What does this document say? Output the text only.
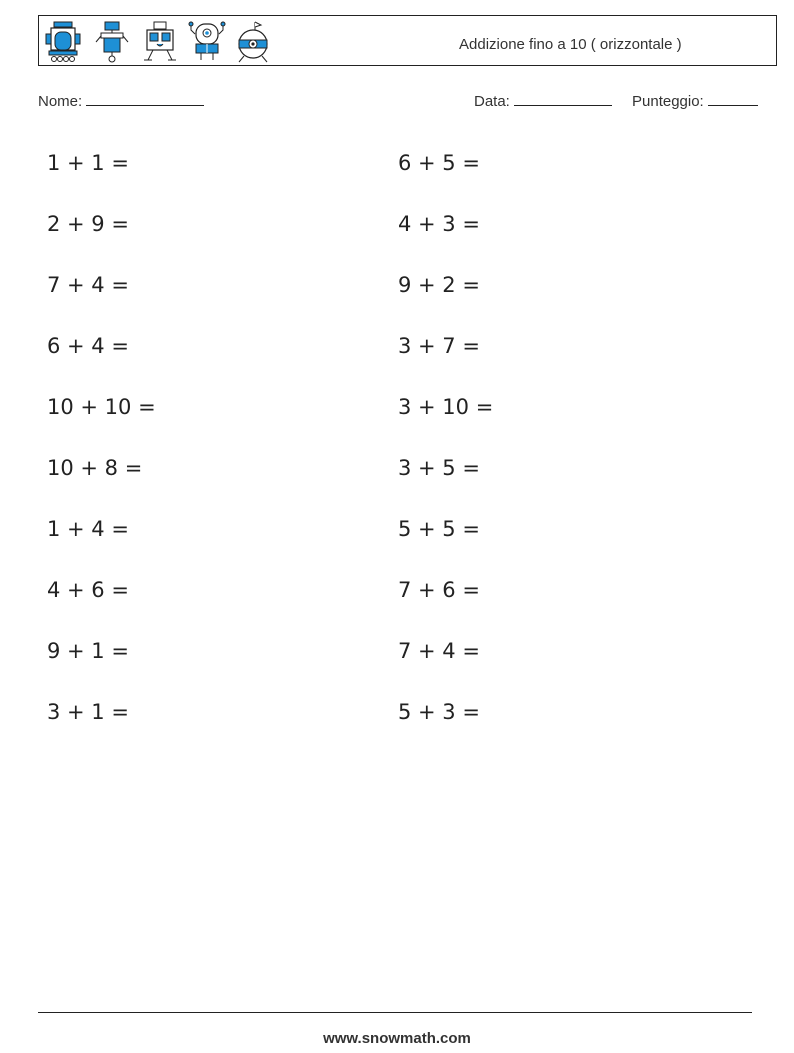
Addizione fino a 10 ( orizzontale )
Nome:	Data:	Punteggio:
1 + 1 =
2 + 9 =
7 + 4 =
6 + 4 =
10 + 10 =
10 + 8 =
1 + 4 =
4 + 6 =
9 + 1 =
3 + 1 =
6 + 5 =
4 + 3 =
9 + 2 =
3 + 7 =
3 + 10 =
3 + 5 =
5 + 5 =
7 + 6 =
7 + 4 =
5 + 3 =
www.snowmath.com
